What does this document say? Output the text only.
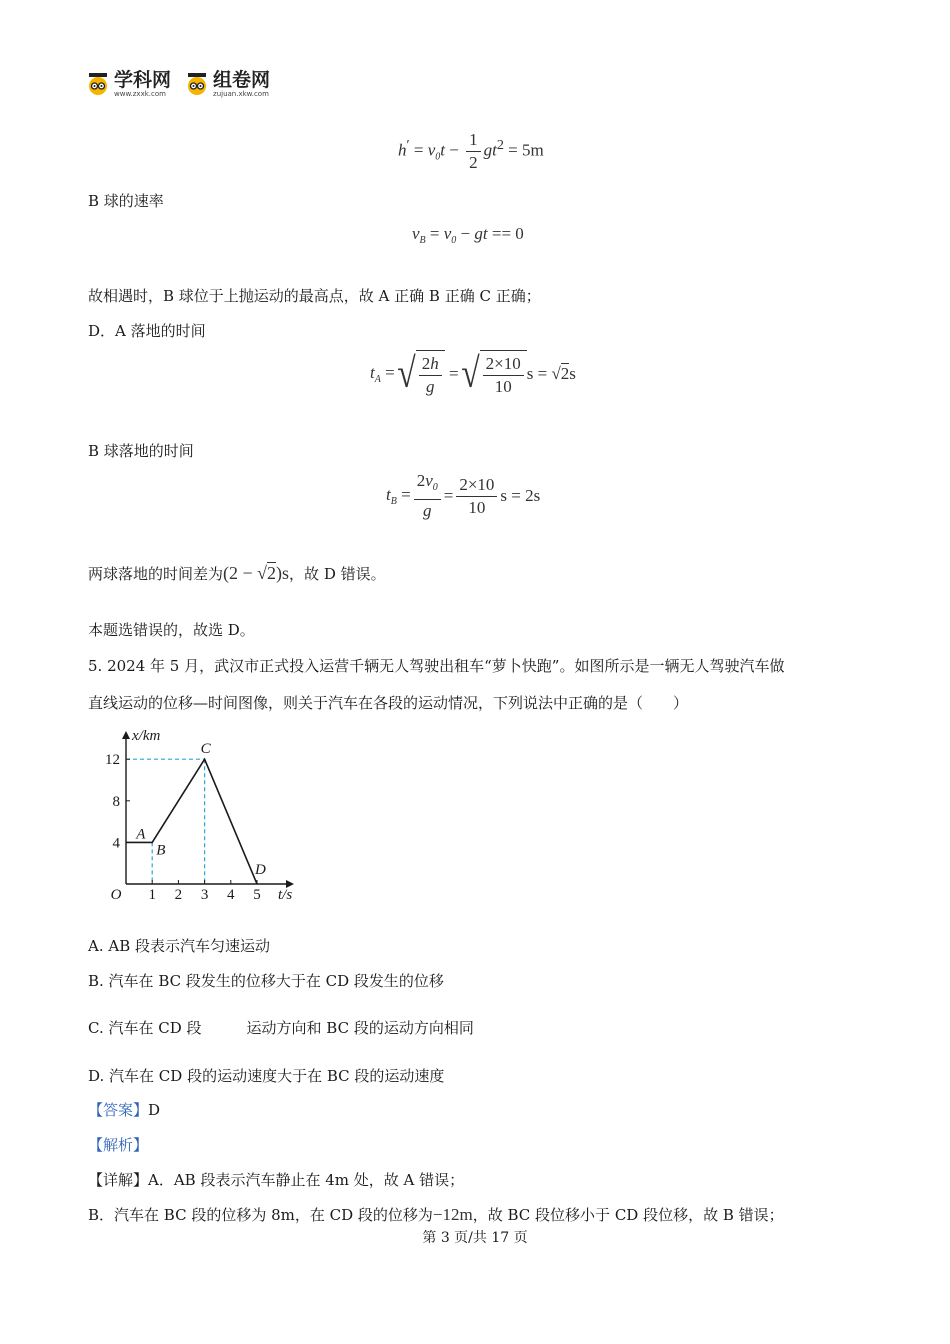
学科网
www.zxxk.com
组卷网
zujuan.xkw.com
$h' = v_0t - \frac{1}{2} gt^2 = 5m$
B 球的速率
$v_B = v_0$ − gt == 0
故相遇时，B 球位于上抛运动的最高点，故 A 正确 B 正确 C 正确；
D．A 落地的时间
$t_A$ = √ $\frac{2h}{g}$ = √ $\frac{2\times 10}{10}$ s = √2s
B 球落地的时间
$t_B = \frac{2v_0}{g} = \frac{2\times 10}{10}$ s = 2s
两球落地的时间差为 (2 − √2)s ，故 D 错误。
本题选错误的，故选 D。
5. 2024 年 5 月，武汉市正式投入运营千辆无人驾驶出租车“萝卜快跑”。如图所示是一辆无人驾驶汽车做
直线运动的位移—时间图像，则关于汽车在各段的运动情况，下列说法中正确的是（　　）
1 2 3 4 5
4
8
12
O
x/km
t/s
A
B
C
D
A. AB 段表示汽车匀速运动
B. 汽车在 BC 段发生的位移大于在 CD 段发生的位移
C. 汽车在 CD 段　　　运动方向和 BC 段的运动方向相同
D. 汽车在 CD 段的运动速度大于在 BC 段的运动速度
【答案】D
【解析】
【详解】A．AB 段表示汽车静止在 4m 处，故 A 错误；
B．汽车在 BC 段的位移为 8m，在 CD 段的位移为−12m，故 BC 段位移小于 CD 段位移，故 B 错误；
第 3 页/共 17 页
